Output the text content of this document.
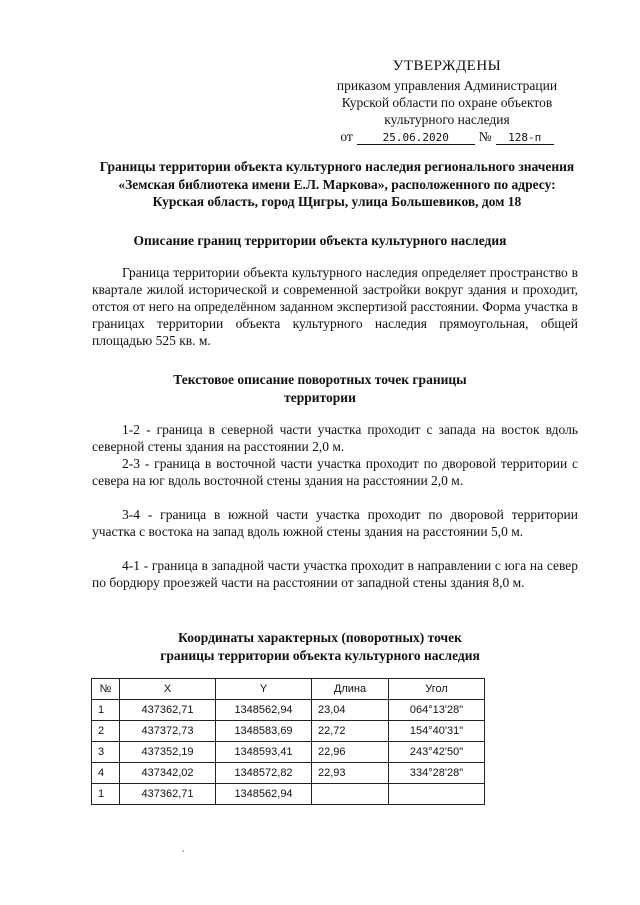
УТВЕРЖДЕНЫ
приказом управления Администрации
Курской области по охране объектов
культурного наследия
от	25.06.2020	№	128-п
Границы территории объекта культурного наследия регионального значения «Земская библиотека имени Е.Л. Маркова», расположенного по адресу: Курская область, город Щигры, улица Большевиков, дом 18
Описание границ территории объекта культурного наследия

Граница территории объекта культурного наследия определяет пространство в квартале жилой исторической и современной застройки вокруг здания и проходит, отстоя от него на определённом заданном экспертизой расстоянии. Форма участка в границах территории объекта культурного наследия прямоугольная, общей площадью 525 кв. м.

Текстовое описание поворотных точек границы
территории

1-2 - граница в северной части участка проходит с запада на восток вдоль северной стены здания на расстоянии 2,0 м.

2-3 - граница в восточной части участка проходит по дворовой территории с севера на юг вдоль восточной стены здания на расстоянии 2,0 м.

3-4 - граница в южной части участка проходит по дворовой территории участка с востока на запад вдоль южной стены здания на расстоянии 5,0 м.

4-1 - граница в западной части участка проходит в направлении с юга на север по бордюру проезжей части на расстоянии от западной стены здания 8,0 м.

Координаты характерных (поворотных) точек
границы территории объекта культурного наследия
№	X	Y	Длина	Угол
1	437362,71	1348562,94	23,04	064°13'28"
2	437372,73	1348583,69	22,72	154°40'31"
3	437352,19	1348593,41	22,96	243°42'50"
4	437342,02	1348572,82	22,93	334°28'28"
1	437362,71	1348562,94		
